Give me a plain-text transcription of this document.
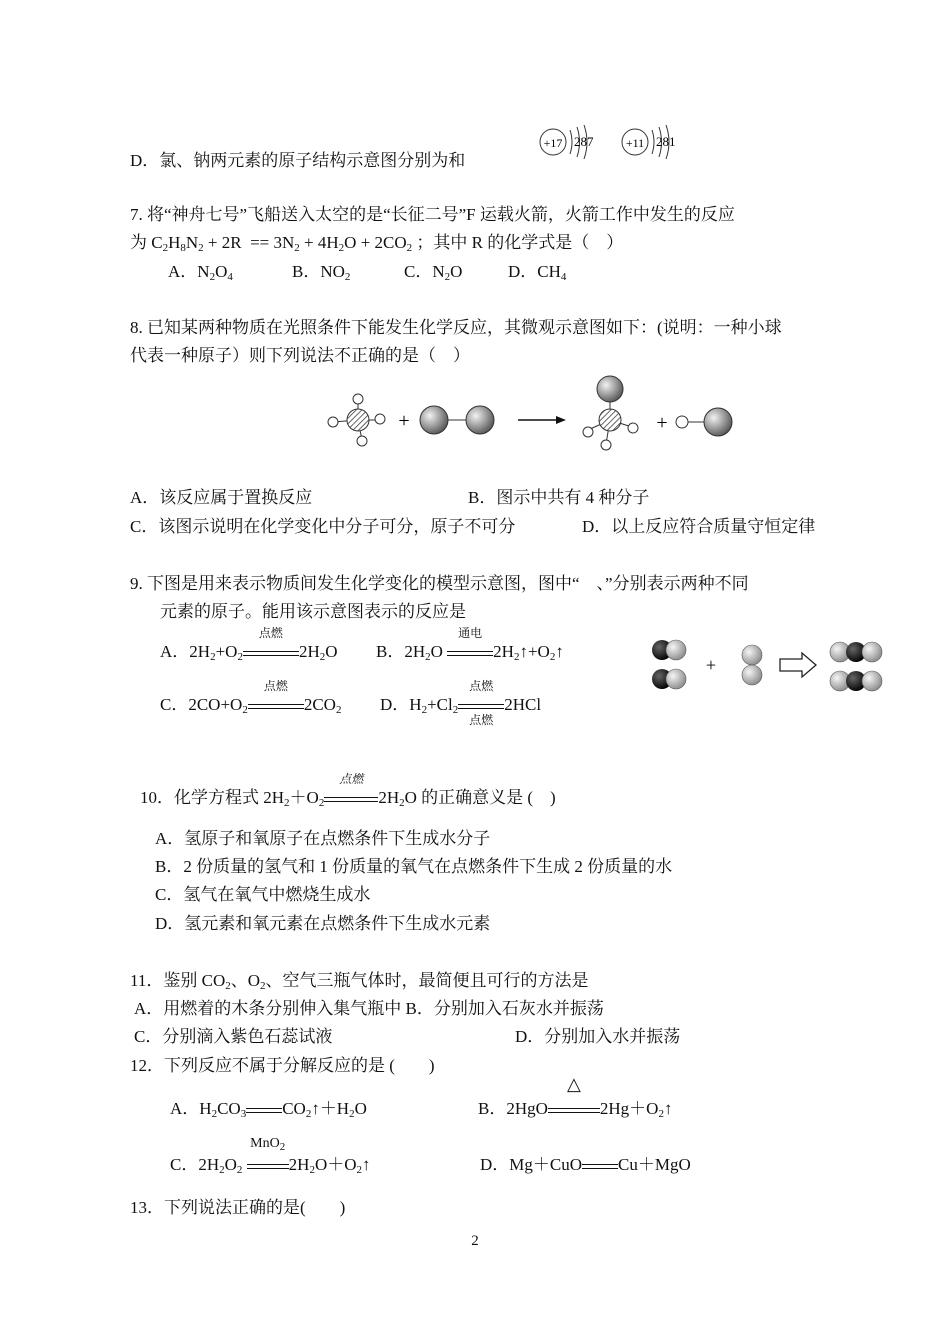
D．氯、钠两元素的原子结构示意图分别为和
+17 287	+11 281
7. 将“神舟七号”飞船送入太空的是“长征二号”F 运载火箭，火箭工作中发生的反应
为 $C_2H_8N_2 + 2R == 3N_2 + 4H_2O + 2CO_2$ ；其中 R 的化学式是（　）
A．$N_2O_4$	B．$NO_2$	C．$N_2O$	D．$CH_4$
8. 已知某两种物质在光照条件下能发生化学反应，其微观示意图如下：(说明：一种小球
代表一种原子）则下列说法不正确的是（　）
+	+
A．该反应属于置换反应	B．图示中共有 4 种分子
C．该图示说明在化学变化中分子可分，原子不可分	D．以上反应符合质量守恒定律
9. 下图是用来表示物质间发生化学变化的模型示意图，图中“　、”分别表示两种不同
元素的原子。能用该示意图表示的反应是
A．$2H_2+O_2$
点燃
$2H_2O$ B．$2H_2O$
通电
$2H_2↑+O_2↑$
C．$2CO+O_2$
点燃
$2CO_2$ D．$H_2+Cl_2$
点燃
点燃
2HCl
+
10．化学方程式 $2H_2+O_2$
点燃
$2H_2O$ 的正确意义是 (　)
A．氢原子和氧原子在点燃条件下生成水分子
B．2 份质量的氢气和 1 份质量的氧气在点燃条件下生成 2 份质量的水
C．氢气在氧气中燃烧生成水
D．氢元素和氧元素在点燃条件下生成水元素
11．鉴别 $CO_2$、$O_2$、空气三瓶气体时，最简便且可行的方法是
A．用燃着的木条分别伸入集气瓶中 B．分别加入石灰水并振荡
C．分别滴入紫色石蕊试液	D．分别加入水并振荡
12．下列反应不属于分解反应的是 (　　)
A．$H_2CO_3$ $CO_2↑+H_2O$	B．2HgO
△
$2Hg+O_2↑$
C．$2H_2O_2$
MnO$_2$
$2H_2O+O_2↑$	D．Mg＋CuO Cu＋MgO
13．下列说法正确的是(　　)
2
